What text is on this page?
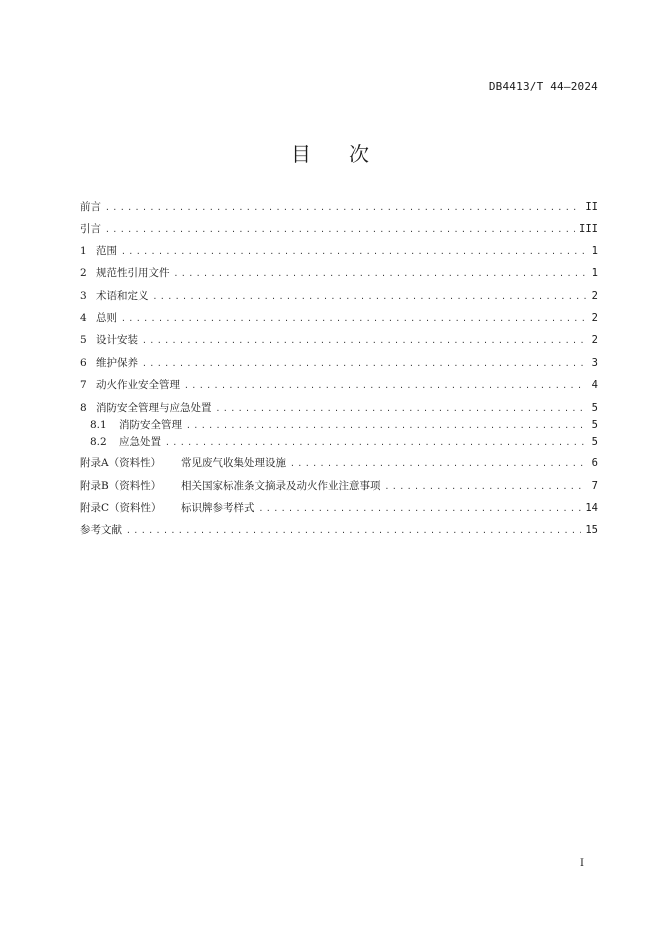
DB4413/T 44—2024
目 次
前言 .....	II
引言 .....	III
1 范围 .....	1
2 规范性引用文件 .....	1
3 术语和定义 .....	2
4 总则 .....	2
5 设计安装 .....	2
6 维护保养 .....	3
7 动火作业安全管理 .....	4
8 消防安全管理与应急处置 .....	5
8.1	消防安全管理 .....	5
8.2	应急处置 .....	5
附录A（资料性）	常见废气收集处理设施 .....	6
附录B（资料性）	相关国家标准条文摘录及动火作业注意事项 .....	7
附录C（资料性）	标识牌参考样式 .....	14
参考文献 .....	15
I
